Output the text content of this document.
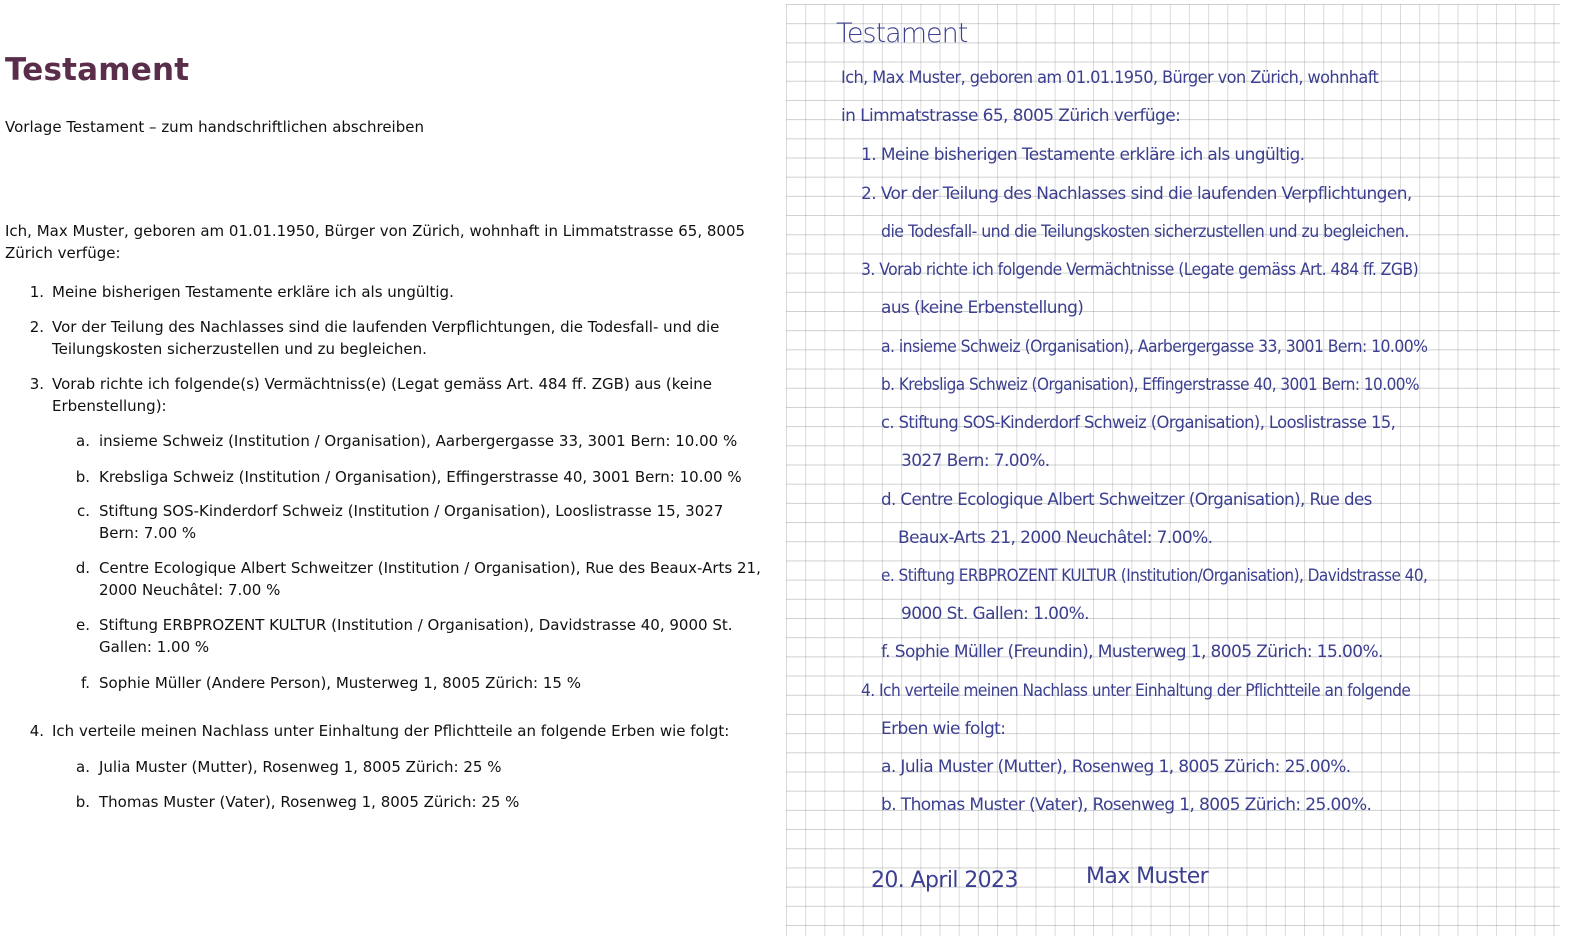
Testament
Vorlage Testament – zum handschriftlichen abschreiben
Ich, Max Muster, geboren am 01.01.1950, Bürger von Zürich, wohnhaft in Limmatstrasse 65, 8005 Zürich verfüge:
1. Meine bisherigen Testamente erkläre ich als ungültig.
2. Vor der Teilung des Nachlasses sind die laufenden Verpflichtungen, die Todesfall- und die Teilungskosten sicherzustellen und zu begleichen.
3. Vorab richte ich folgende(s) Vermächtniss(e) (Legat gemäss Art. 484 ff. ZGB) aus (keine Erbenstellung):
a. insieme Schweiz (Institution / Organisation), Aarbergergasse 33, 3001 Bern: 10.00 %
b. Krebsliga Schweiz (Institution / Organisation), Effingerstrasse 40, 3001 Bern: 10.00 %
c. Stiftung SOS-Kinderdorf Schweiz (Institution / Organisation), Looslistrasse 15, 3027 Bern: 7.00 %
d. Centre Ecologique Albert Schweitzer (Institution / Organisation), Rue des Beaux-Arts 21, 2000 Neuchâtel: 7.00 %
e. Stiftung ERBPROZENT KULTUR (Institution / Organisation), Davidstrasse 40, 9000 St. Gallen: 1.00 %
f. Sophie Müller (Andere Person), Musterweg 1, 8005 Zürich: 15 %
4. Ich verteile meinen Nachlass unter Einhaltung der Pflichtteile an folgende Erben wie folgt:
a. Julia Muster (Mutter), Rosenweg 1, 8005 Zürich: 25 %
b. Thomas Muster (Vater), Rosenweg 1, 8005 Zürich: 25 %
Testament
Ich, Max Muster, geboren am 01.01.1950, Bürger von Zürich, wohnhaft
in Limmatstrasse 65, 8005 Zürich verfüge:
1. Meine bisherigen Testamente erkläre ich als ungültig.
2. Vor der Teilung des Nachlasses sind die laufenden Verpflichtungen,
die Todesfall- und die Teilungskosten sicherzustellen und zu begleichen.
3. Vorab richte ich folgende Vermächtnisse (Legate gemäss Art. 484 ff. ZGB)
aus (keine Erbenstellung)
a. insieme Schweiz (Organisation), Aarbergergasse 33, 3001 Bern: 10.00%
b. Krebsliga Schweiz (Organisation), Effingerstrasse 40, 3001 Bern: 10.00%
c. Stiftung SOS-Kinderdorf Schweiz (Organisation), Looslistrasse 15,
3027 Bern: 7.00%.
d. Centre Ecologique Albert Schweitzer (Organisation), Rue des
Beaux-Arts 21, 2000 Neuchâtel: 7.00%.
e. Stiftung ERBPROZENT KULTUR (Institution/Organisation), Davidstrasse 40,
9000 St. Gallen: 1.00%.
f. Sophie Müller (Freundin), Musterweg 1, 8005 Zürich: 15.00%.
4. Ich verteile meinen Nachlass unter Einhaltung der Pflichtteile an folgende
Erben wie folgt:
a. Julia Muster (Mutter), Rosenweg 1, 8005 Zürich: 25.00%.
b. Thomas Muster (Vater), Rosenweg 1, 8005 Zürich: 25.00%.
20. April 2023	Max Muster
